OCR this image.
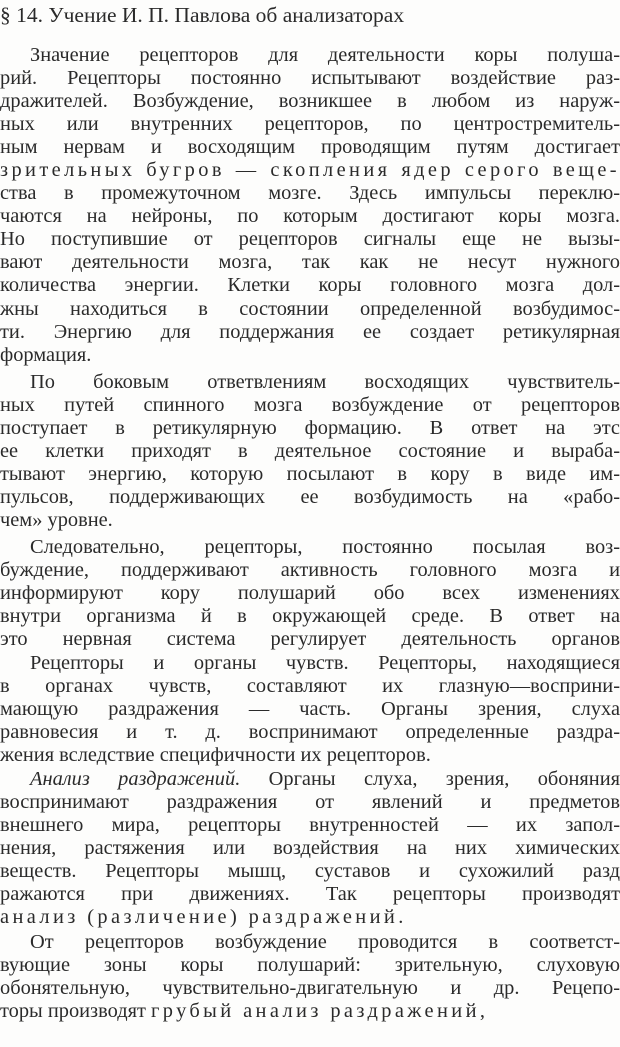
§ 14. Учение И. П. Павлова об анализаторах
Значение рецепторов для деятельности коры полуша-
рий. Рецепторы постоянно испытывают воздействие раз-
дражителей. Возбуждение, возникшее в любом из наруж-
ных или внутренних рецепторов, по центростремитель-
ным нервам и восходящим проводящим путям достигает
зрительных бугров — скопления ядер серого веще-
ства в промежуточном мозге. Здесь импульсы переклю-
чаются на нейроны, по которым достигают коры мозга.
Но поступившие от рецепторов сигналы еще не вызы-
вают деятельности мозга, так как не несут нужного
количества энергии. Клетки коры головного мозга дол-
жны находиться в состоянии определенной возбудимос-
ти. Энергию для поддержания ее создает ретикулярная
формация.
По боковым ответвлениям восходящих чувствитель-
ных путей спинного мозга возбуждение от рецепторов
поступает в ретикулярную формацию. В ответ на этс
ее клетки приходят в деятельное состояние и выраба-
тывают энергию, которую посылают в кору в виде им-
пульсов, поддерживающих ее возбудимость на «рабо-
чем» уровне.
Следовательно, рецепторы, постоянно посылая воз-
буждение, поддерживают активность головного мозга и
информируют кору полушарий обо всех изменениях
внутри организма й в окружающей среде. В ответ на
это нервная система регулирует деятельность органов
Рецепторы и органы чувств. Рецепторы, находящиеся
в органах чувств, составляют их глазную—восприни-
мающую раздражения — часть. Органы зрения, слуха
равновесия и т. д. воспринимают определенные раздра-
жения вследствие специфичности их рецепторов.
Анализ раздражений. Органы слуха, зрения, обоняния
воспринимают раздражения от явлений и предметов
внешнего мира, рецепторы внутренностей — их запол-
нения, растяжения или воздействия на них химических
веществ. Рецепторы мышц, суставов и сухожилий разд
ражаются при движениях. Так рецепторы производят
анализ (различение) раздражений.
От рецепторов возбуждение проводится в соответст-
вующие зоны коры полушарий: зрительную, слуховую
обонятельную, чувствительно-двигательную и др. Рецепо-
торы производят грубый анализ раздражений,
